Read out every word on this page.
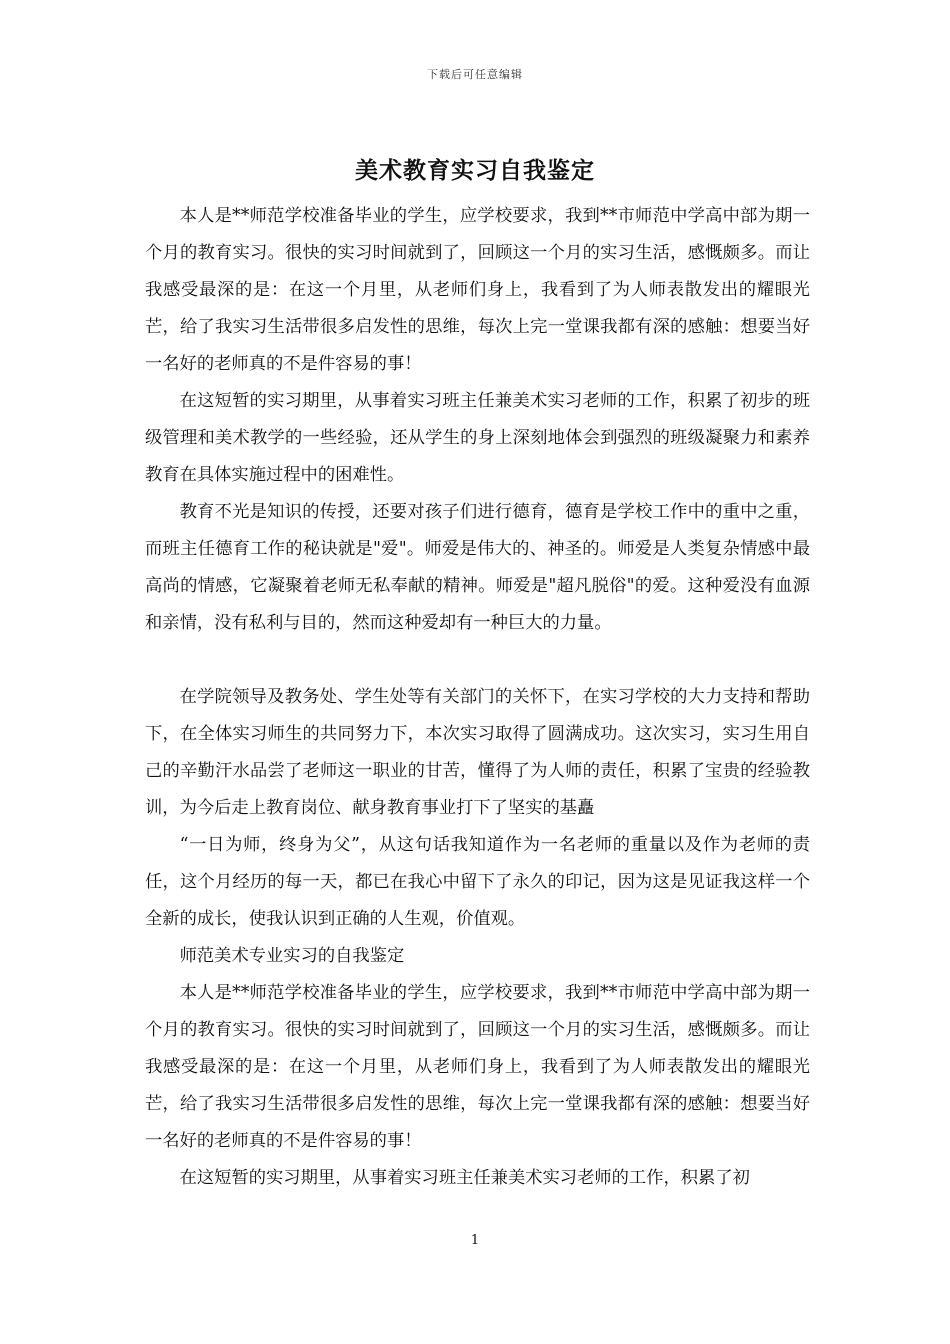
下载后可任意编辑
美术教育实习自我鉴定

本人是**师范学校准备毕业的学生，应学校要求，我到**市师范中学高中部为期一个月的教育实习。很快的实习时间就到了，回顾这一个月的实习生活，感慨颇多。而让我感受最深的是：在这一个月里，从老师们身上，我看到了为人师表散发出的耀眼光芒，给了我实习生活带很多启发性的思维，每次上完一堂课我都有深的感触：想要当好一名好的老师真的不是件容易的事！

在这短暂的实习期里，从事着实习班主任兼美术实习老师的工作，积累了初步的班级管理和美术教学的一些经验，还从学生的身上深刻地体会到强烈的班级凝聚力和素养教育在具体实施过程中的困难性。

教育不光是知识的传授，还要对孩子们进行德育，德育是学校工作中的重中之重，而班主任德育工作的秘诀就是"爱"。师爱是伟大的、神圣的。师爱是人类复杂情感中最高尚的情感，它凝聚着老师无私奉献的精神。师爱是"超凡脱俗"的爱。这种爱没有血源和亲情，没有私利与目的，然而这种爱却有一种巨大的力量。

在学院领导及教务处、学生处等有关部门的关怀下，在实习学校的大力支持和帮助下，在全体实习师生的共同努力下，本次实习取得了圆满成功。这次实习，实习生用自己的辛勤汗水品尝了老师这一职业的甘苦，懂得了为人师的责任，积累了宝贵的经验教训，为今后走上教育岗位、献身教育事业打下了坚实的基矗

“一日为师，终身为父”，从这句话我知道作为一名老师的重量以及作为老师的责任，这个月经历的每一天，都已在我心中留下了永久的印记，因为这是见证我这样一个全新的成长，使我认识到正确的人生观，价值观。

师范美术专业实习的自我鉴定

本人是**师范学校准备毕业的学生，应学校要求，我到**市师范中学高中部为期一个月的教育实习。很快的实习时间就到了，回顾这一个月的实习生活，感慨颇多。而让我感受最深的是：在这一个月里，从老师们身上，我看到了为人师表散发出的耀眼光芒，给了我实习生活带很多启发性的思维，每次上完一堂课我都有深的感触：想要当好一名好的老师真的不是件容易的事！

在这短暂的实习期里，从事着实习班主任兼美术实习老师的工作，积累了初

1
